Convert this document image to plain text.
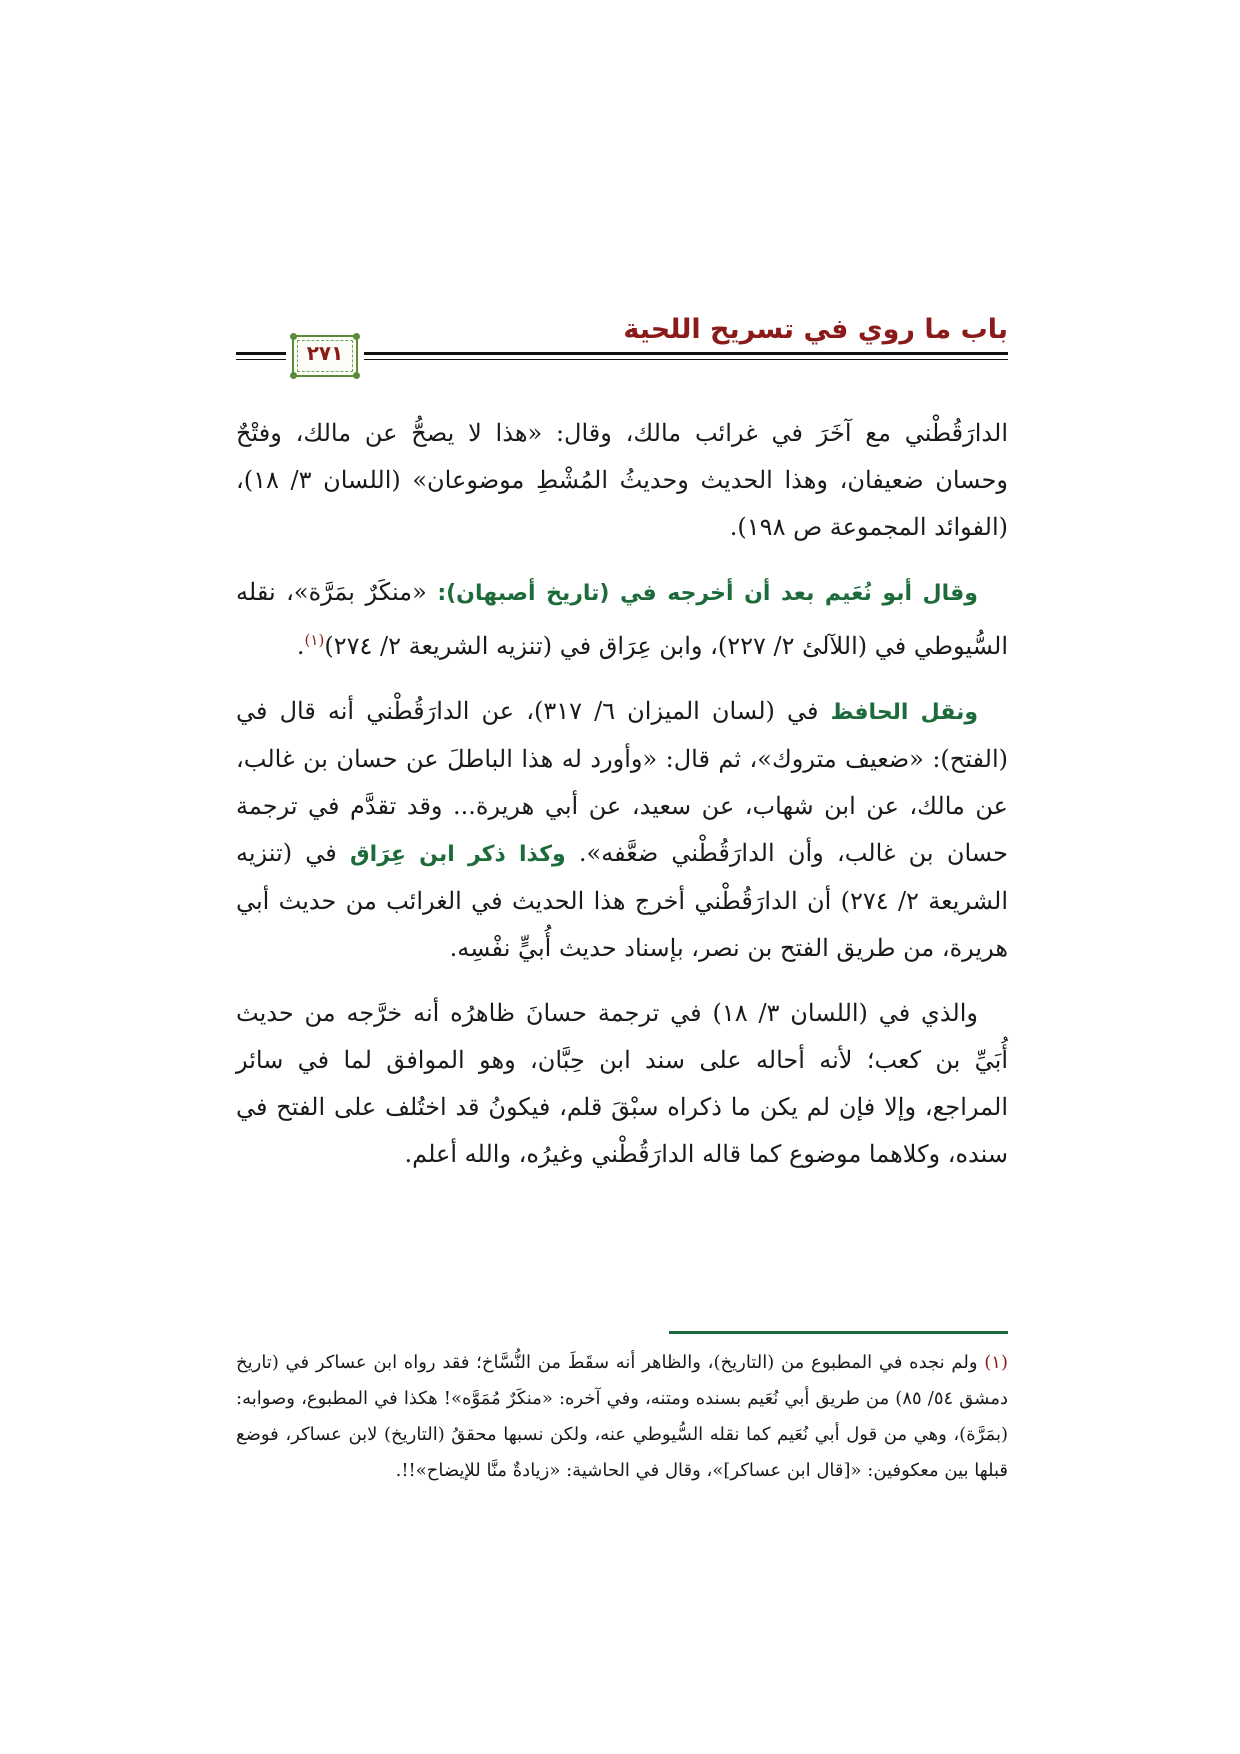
باب ما روي في تسريح اللحية
٢٧١

الدارَقُطْني مع آخَرَ في غرائب مالك، وقال: «هذا لا يصحُّ عن مالك، وفتْحٌ وحسان ضعيفان، وهذا الحديث وحديثُ المُشْطِ موضوعان» (اللسان ٣/ ١٨)، (الفوائد المجموعة ص ١٩٨).

وقال أبو نُعَيم بعد أن أخرجه في (تاريخ أصبهان): «منكَرٌ بمَرَّة»، نقله السُّيوطي في (اللآلئ ٢/ ٢٢٧)، وابن عِرَاق في (تنزيه الشريعة ٢/ ٢٧٤)$^{(١)}$.

ونقل الحافظ في (لسان الميزان ٦/ ٣١٧)، عن الدارَقُطْني أنه قال في (الفتح): «ضعيف متروك»، ثم قال: «وأورد له هذا الباطلَ عن حسان بن غالب، عن مالك، عن ابن شهاب، عن سعيد، عن أبي هريرة... وقد تقدَّم في ترجمة حسان بن غالب، وأن الدارَقُطْني ضعَّفه». وكذا ذكر ابن عِرَاق في (تنزيه الشريعة ٢/ ٢٧٤) أن الدارَقُطْني أخرج هذا الحديث في الغرائب من حديث أبي هريرة، من طريق الفتح بن نصر، بإسناد حديث أُبيٍّ نفْسِه.

والذي في (اللسان ٣/ ١٨) في ترجمة حسانَ ظاهرُه أنه خرَّجه من حديث أُبَيِّ بن كعب؛ لأنه أحاله على سند ابن حِبَّان، وهو الموافق لما في سائر المراجع، وإلا فإن لم يكن ما ذكراه سبْقَ قلم، فيكونُ قد اختُلف على الفتح في سنده، وكلاهما موضوع كما قاله الدارَقُطْني وغيرُه، والله أعلم.

(١) ولم نجده في المطبوع من (التاريخ)، والظاهر أنه سقَطَ من النُّسَّاخ؛ فقد رواه ابن عساكر في (تاريخ دمشق ٥٤/ ٨٥) من طريق أبي نُعَيم بسنده ومتنه، وفي آخره: «منكَرٌ مُمَوَّه»! هكذا في المطبوع، وصوابه: (بمَرَّة)، وهي من قول أبي نُعَيم كما نقله السُّيوطي عنه، ولكن نسبها محققُ (التاريخ) لابن عساكر، فوضع قبلها بين معكوفين: «[قال ابن عساكر]»، وقال في الحاشية: «زيادةٌ منَّا للإيضاح»!!.
